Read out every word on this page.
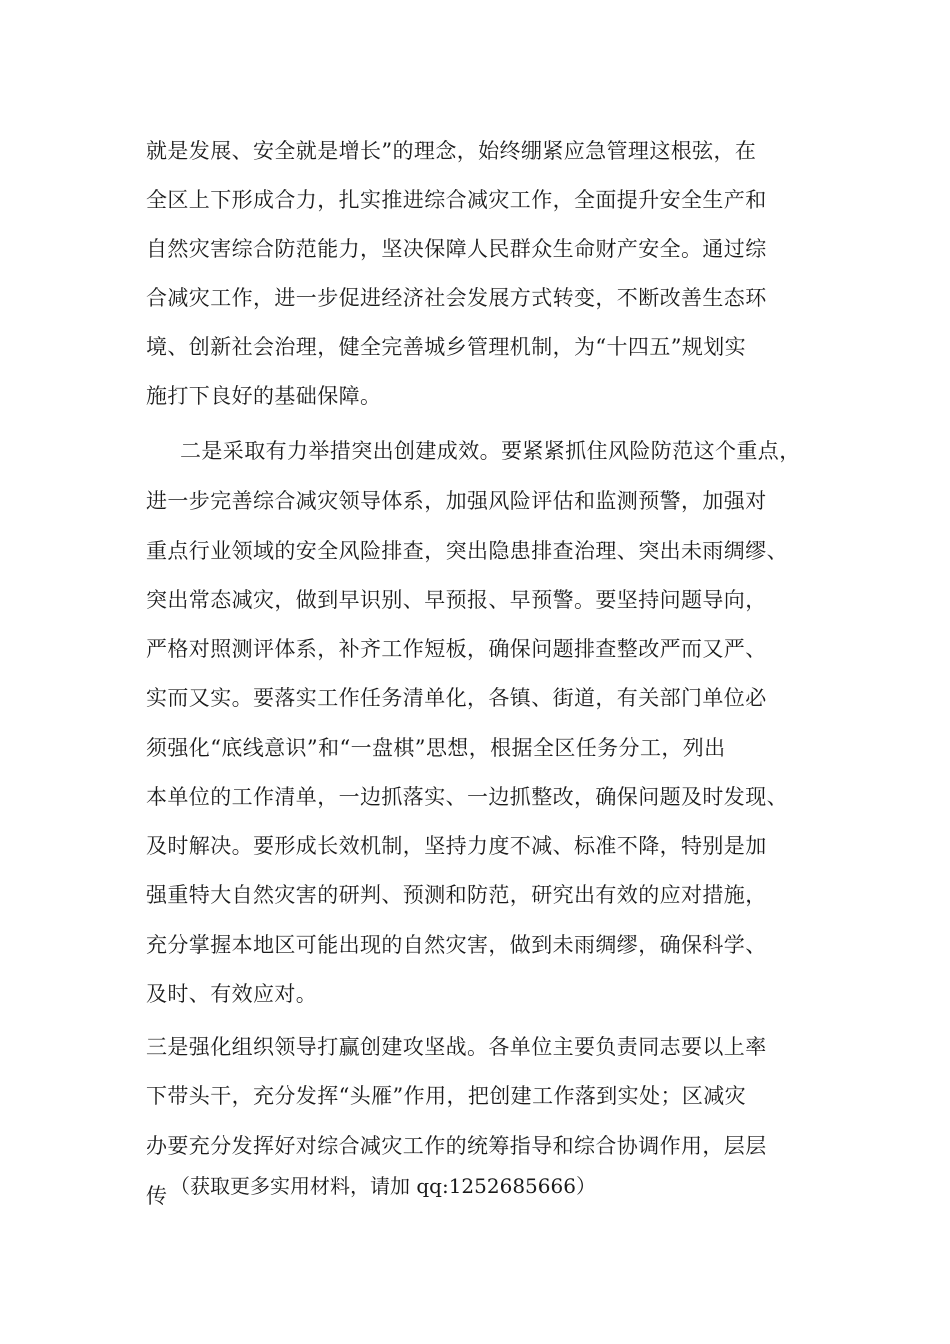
就是发展、安全就是增长”的理念，始终绷紧应急管理这根弦，在
全区上下形成合力，扎实推进综合减灾工作，全面提升安全生产和
自然灾害综合防范能力，坚决保障人民群众生命财产安全。通过综
合减灾工作，进一步促进经济社会发展方式转变，不断改善生态环
境、创新社会治理，健全完善城乡管理机制，为“十四五”规划实
施打下良好的基础保障。
二是采取有力举措突出创建成效。要紧紧抓住风险防范这个重点，
进一步完善综合减灾领导体系，加强风险评估和监测预警，加强对
重点行业领域的安全风险排查，突出隐患排查治理、突出未雨绸缪、
突出常态减灾，做到早识别、早预报、早预警。要坚持问题导向，
严格对照测评体系，补齐工作短板，确保问题排查整改严而又严、
实而又实。要落实工作任务清单化，各镇、街道，有关部门单位必
须强化“底线意识”和“一盘棋”思想，根据全区任务分工，列出
本单位的工作清单，一边抓落实、一边抓整改，确保问题及时发现、
及时解决。要形成长效机制，坚持力度不减、标准不降，特别是加
强重特大自然灾害的研判、预测和防范，研究出有效的应对措施，
充分掌握本地区可能出现的自然灾害，做到未雨绸缪，确保科学、
及时、有效应对。
三是强化组织领导打赢创建攻坚战。各单位主要负责同志要以上率
下带头干，充分发挥“头雁”作用，把创建工作落到实处；区减灾
办要充分发挥好对综合减灾工作的统筹指导和综合协调作用，层层
传 （获取更多实用材料，请加 qq:1252685666）
